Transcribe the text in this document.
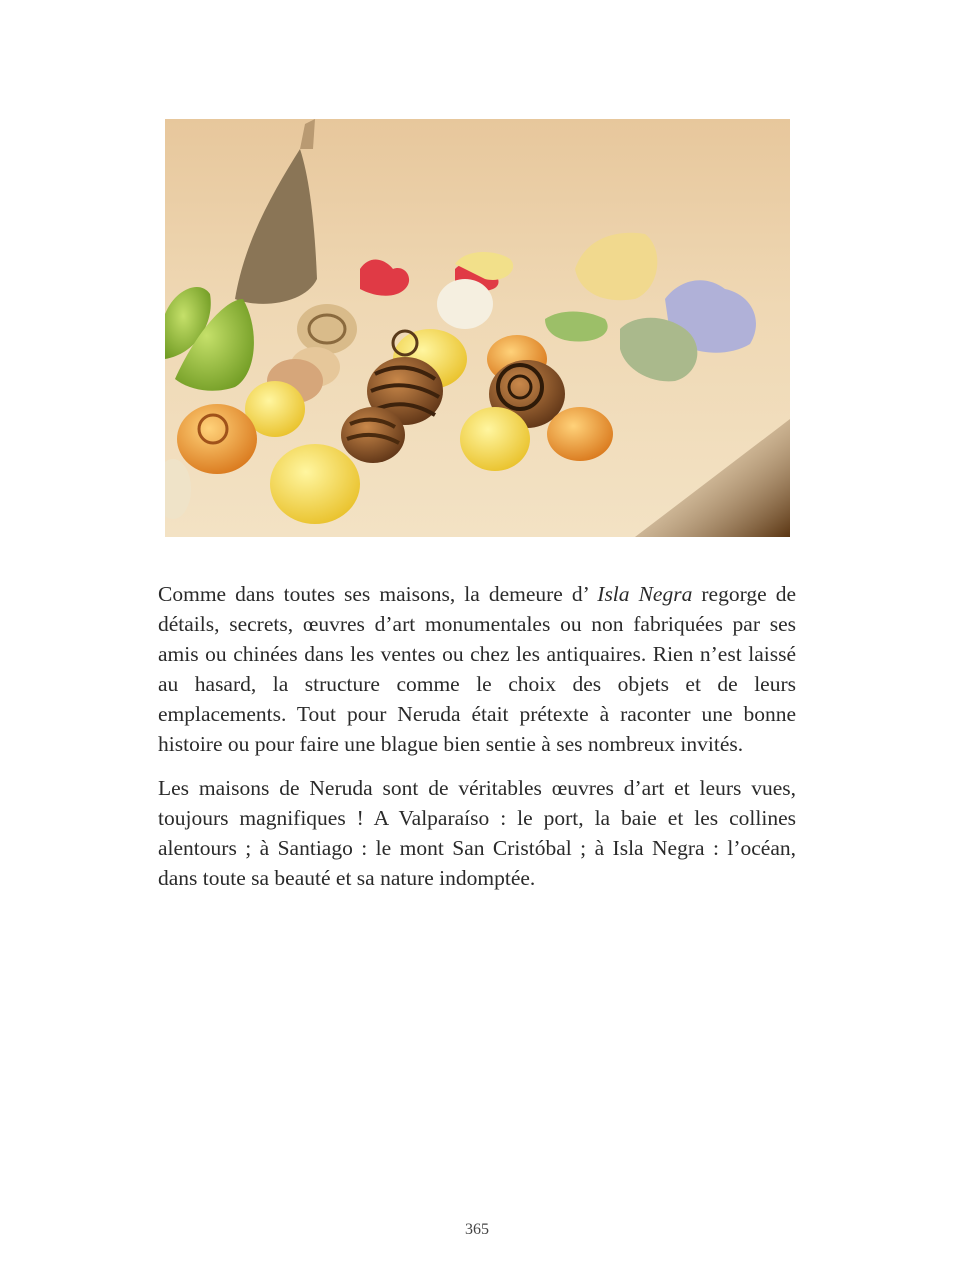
Comme dans toutes ses maisons, la demeure d’ Isla Negra regorge de détails, secrets, œuvres d’art monumentales ou non fabriquées par ses amis ou chinées dans les ventes ou chez les antiquaires. Rien n’est laissé au hasard, la structure comme le choix des objets et de leurs emplacements. Tout pour Neruda était prétexte à raconter une bonne histoire ou pour faire une blague bien sentie à ses nombreux invités.

Les maisons de Neruda sont de véritables œuvres d’art et leurs vues, toujours magnifiques ! A Valparaíso : le port, la baie et les collines alentours ; à Santiago : le mont San Cristóbal ; à Isla Negra : l’océan, dans toute sa beauté et sa nature indomptée.

365
